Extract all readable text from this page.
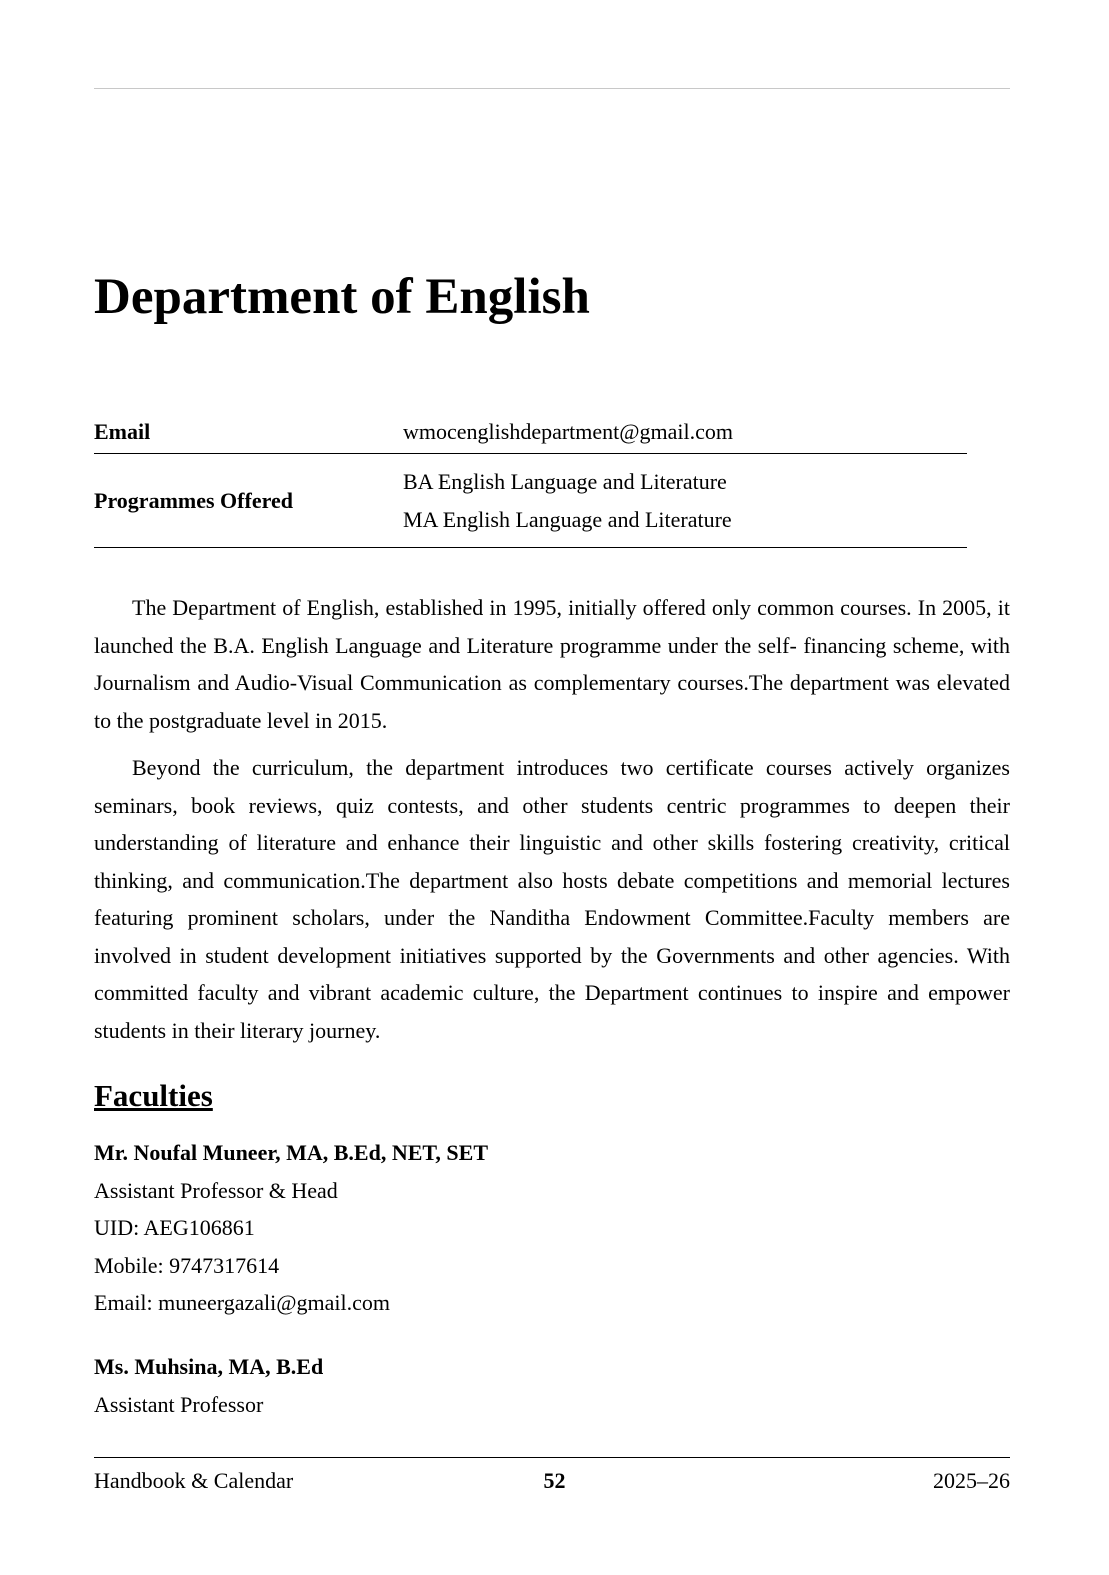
Department of English
Email	wmocenglishdepartment@gmail.com
Programmes Offered	BA English Language and Literature
MA English Language and Literature

The Department of English, established in 1995, initially offered only common courses. In 2005, it launched the B.A. English Language and Literature programme under the self- financing scheme, with Journalism and Audio-Visual Communication as complementary courses.The department was elevated to the postgraduate level in 2015.

Beyond the curriculum, the department introduces two certificate courses actively organizes seminars, book reviews, quiz contests, and other students centric programmes to deepen their understanding of literature and enhance their linguistic and other skills fostering creativity, critical thinking, and communication.The department also hosts debate competitions and memorial lectures featuring prominent scholars, under the Nanditha Endowment Committee.Faculty members are involved in student development initiatives supported by the Governments and other agencies. With committed faculty and vibrant academic culture, the Department continues to inspire and empower students in their literary journey.

Faculties
Mr. Noufal Muneer, MA, B.Ed, NET, SET
Assistant Professor & Head
UID: AEG106861
Mobile: 9747317614
Email: muneergazali@gmail.com
Ms. Muhsina, MA, B.Ed
Assistant Professor
Handbook & Calendar	52	2025–26
